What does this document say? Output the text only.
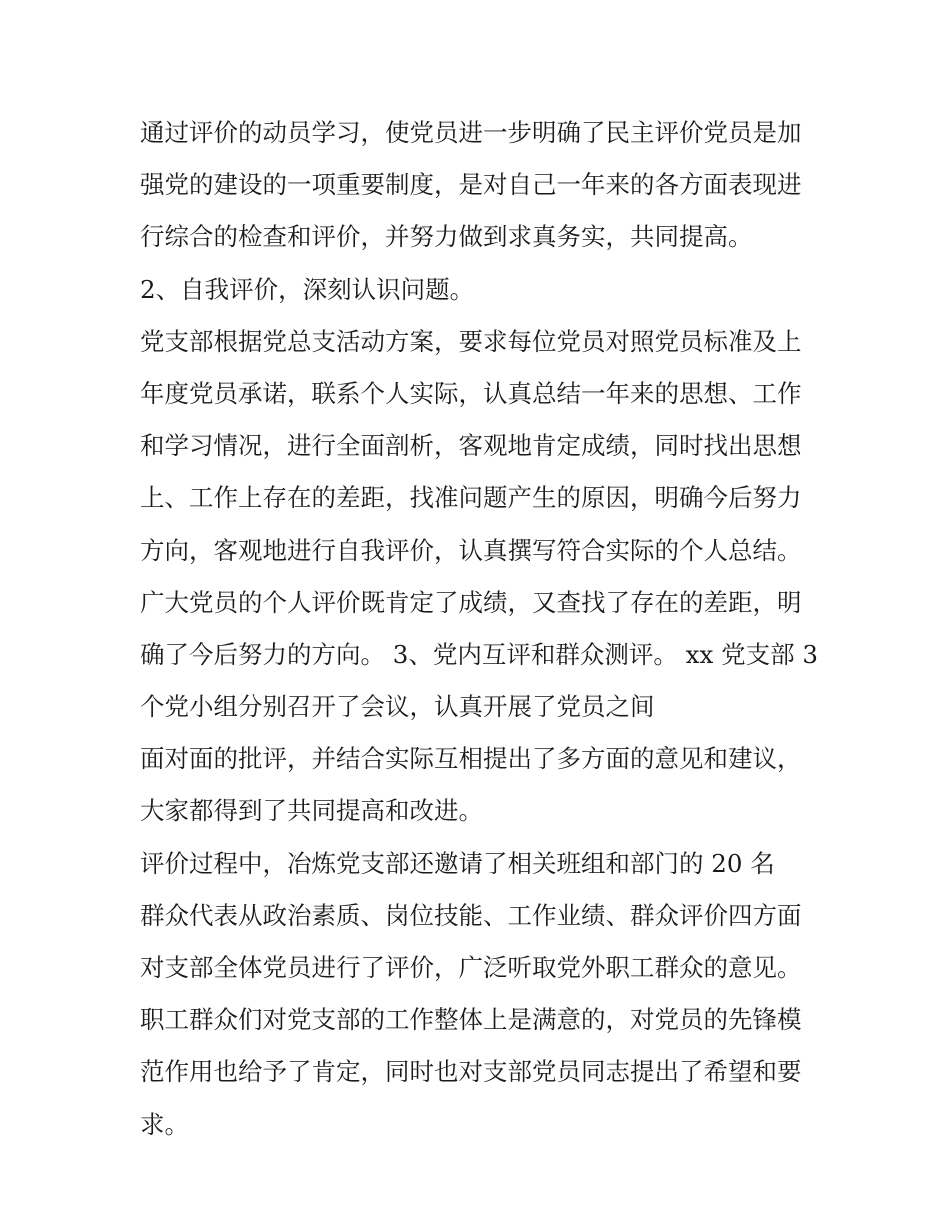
通过评价的动员学习，使党员进一步明确了民主评价党员是加
强党的建设的一项重要制度，是对自己一年来的各方面表现进
行综合的检查和评价，并努力做到求真务实，共同提高。
2、自我评价，深刻认识问题。
党支部根据党总支活动方案，要求每位党员对照党员标准及上
年度党员承诺，联系个人实际，认真总结一年来的思想、工作
和学习情况，进行全面剖析，客观地肯定成绩，同时找出思想
上、工作上存在的差距，找准问题产生的原因，明确今后努力
方向，客观地进行自我评价，认真撰写符合实际的个人总结。
广大党员的个人评价既肯定了成绩，又查找了存在的差距，明
确了今后努力的方向。 3、党内互评和群众测评。 xx 党支部 3
个党小组分别召开了会议，认真开展了党员之间
面对面的批评，并结合实际互相提出了多方面的意见和建议，
大家都得到了共同提高和改进。
评价过程中，冶炼党支部还邀请了相关班组和部门的 20 名
群众代表从政治素质、岗位技能、工作业绩、群众评价四方面
对支部全体党员进行了评价，广泛听取党外职工群众的意见。
职工群众们对党支部的工作整体上是满意的，对党员的先锋模
范作用也给予了肯定，同时也对支部党员同志提出了希望和要
求。
